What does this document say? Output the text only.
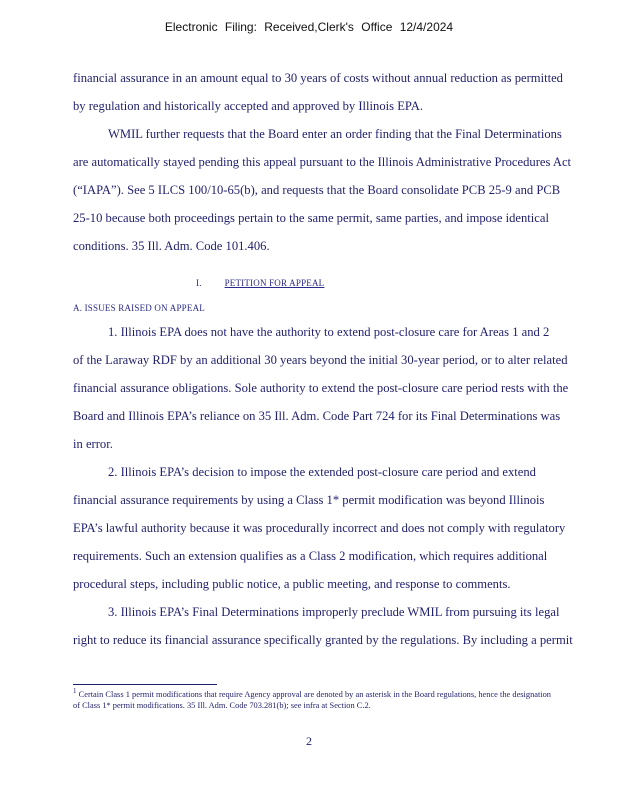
Electronic Filing: Received,Clerk's Office 12/4/2024
financial assurance in an amount equal to 30 years of costs without annual reduction as permitted
by regulation and historically accepted and approved by Illinois EPA.
WMIL further requests that the Board enter an order finding that the Final Determinations
are automatically stayed pending this appeal pursuant to the Illinois Administrative Procedures Act
(“IAPA”). See 5 ILCS 100/10-65(b), and requests that the Board consolidate PCB 25-9 and PCB
25-10 because both proceedings pertain to the same permit, same parties, and impose identical
conditions. 35 Ill. Adm. Code 101.406.
I.	PETITION FOR APPEAL
A. ISSUES RAISED ON APPEAL
1. Illinois EPA does not have the authority to extend post-closure care for Areas 1 and 2
of the Laraway RDF by an additional 30 years beyond the initial 30-year period, or to alter related
financial assurance obligations. Sole authority to extend the post-closure care period rests with the
Board and Illinois EPA’s reliance on 35 Ill. Adm. Code Part 724 for its Final Determinations was
in error.
2. Illinois EPA’s decision to impose the extended post-closure care period and extend
financial assurance requirements by using a Class 1* permit modification was beyond Illinois
EPA’s lawful authority because it was procedurally incorrect and does not comply with regulatory
requirements. Such an extension qualifies as a Class 2 modification, which requires additional
procedural steps, including public notice, a public meeting, and response to comments.
3. Illinois EPA’s Final Determinations improperly preclude WMIL from pursuing its legal
right to reduce its financial assurance specifically granted by the regulations. By including a permit
$^1$ Certain Class 1 permit modifications that require Agency approval are denoted by an asterisk in the Board regulations, hence the designation of Class 1* permit modifications. 35 Ill. Adm. Code 703.281(b); see infra at Section C.2.
2
